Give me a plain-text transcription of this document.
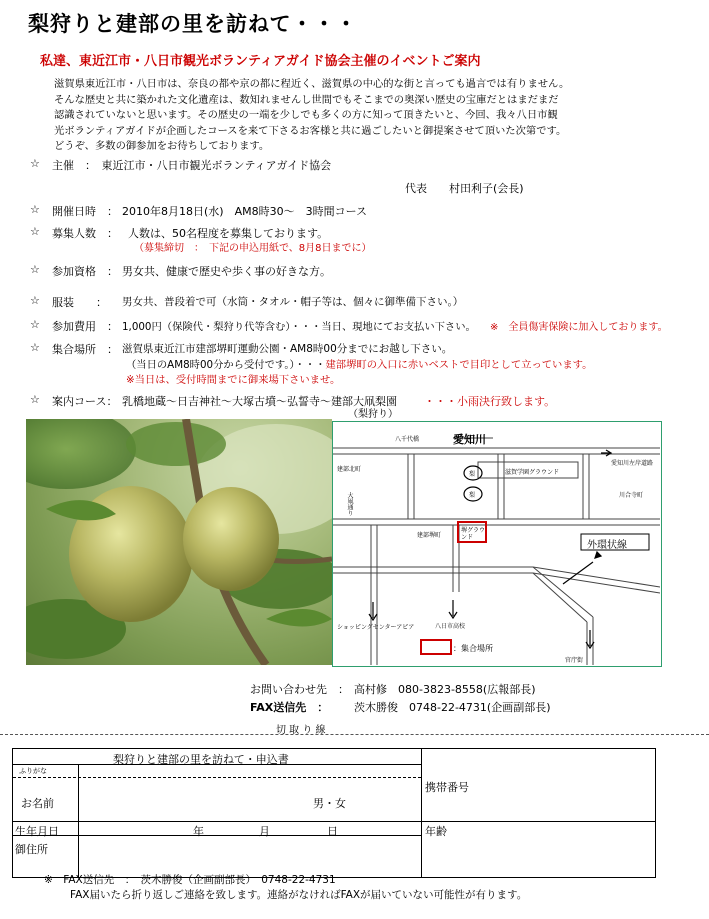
梨狩りと建部の里を訪ねて・・・
私達、東近江市・八日市観光ボランティアガイド協会主催のイベントご案内
滋賀県東近江市・八日市は、奈良の都や京の都に程近く、滋賀県の中心的な街と言っても過言では有りません。
そんな歴史と共に築かれた文化遺産は、数知れませんし世間でもそこまでの奥深い歴史の宝庫だとはまだまだ
認識されていないと思います。その歴史の一端を少しでも多くの方に知って頂きたいと、今回、我々八日市観
光ボランティアガイドが企画したコースを来て下さるお客様と共に過ごしたいと御提案させて頂いた次第です。
どうぞ、多数の御参加をお待ちしております。
☆ 主催　：　東近江市・八日市観光ボランティアガイド協会
代表　　村田利子(会長)
☆ 開催日時　： 2010年8月18日(水)　AM8時30～　3時間コース
☆ 募集人数　： 人数は、50名程度を募集しております。
（募集締切　：　下記の申込用紙で、8月8日までに）
☆ 参加資格　： 男女共、健康で歴史や歩く事の好きな方。
☆ 服装　　： 男女共、普段着で可（水筒・タオル・帽子等は、個々に御準備下さい。）
☆ 参加費用　： 1,000円（保険代・梨狩り代等含む）・・・当日、現地にてお支払い下さい。 ※　全員傷害保険に加入しております。
☆ 集合場所　： 滋賀県東近江市建部堺町運動公園・AM8時00分までにお越し下さい。
（当日のAM8時00分から受付です。）・・・建部堺町の入口に赤いベストで目印として立っています。
※当日は、受付時間までに御来場下さいませ。
☆ 案内コース： 乳橋地蔵～日吉神社～大塚古墳～弘誓寺～建部大凧梨園 ・・・小雨決行致します。
（梨狩り）
愛知川
八千代橋
建部北町
大凧通り
建部堺町
滋賀学園グラウンド
愛知川左岸道路
川合寺町
八日市高校
ショッピングセンターアピア
官庁街
梨
梨
堺グラウンド
外環状線
：集合場所
お問い合わせ先　： 高村修　080-3823-8558(広報部長)
FAX送信先　： 茨木勝俊　0748-22-4731(企画副部長)
切 取 り 線
梨狩りと建部の里を訪ねて・申込書
ふりがな
お名前	男・女
携帯番号
生年月日	年	月	日	年齢
御住所
※　FAX送信先　：　茨木勝俊（企画副部長）　0748-22-4731
FAX届いたら折り返しご連絡を致します。連絡がなければFAXが届いていない可能性が有ります。
